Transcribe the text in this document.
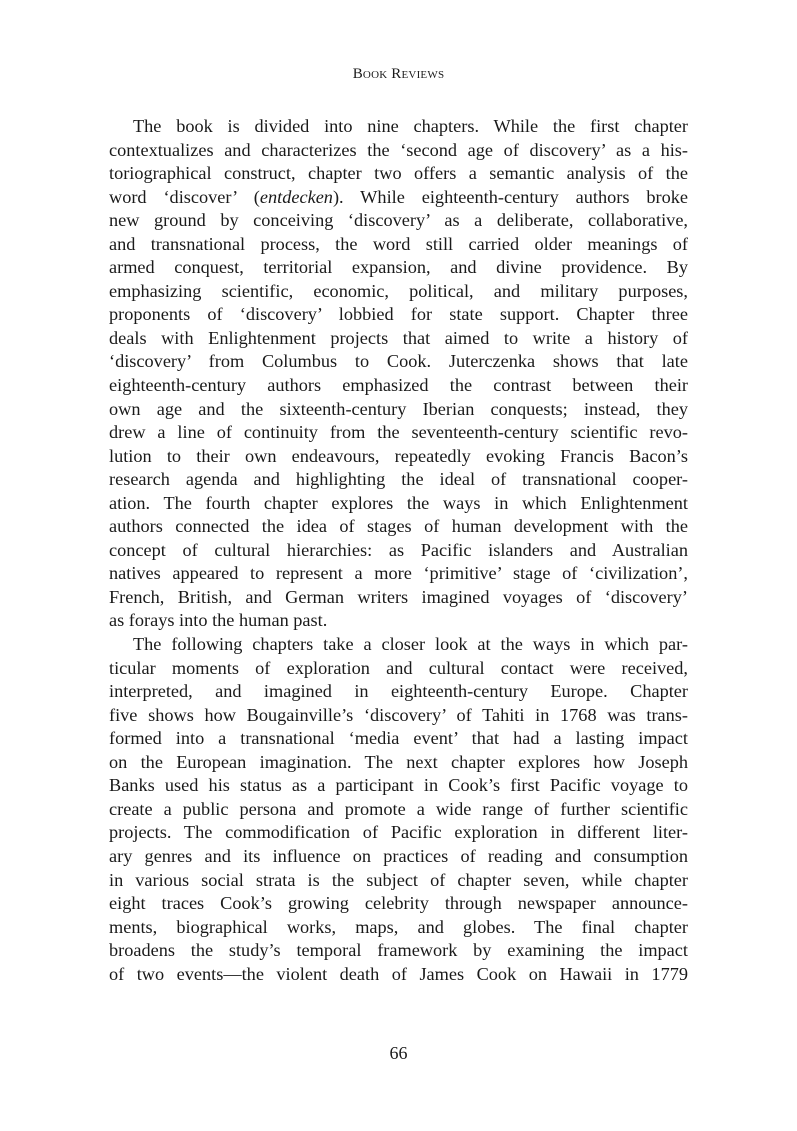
Book Reviews
The book is divided into nine chapters. While the first chapter
contextualizes and characterizes the ‘second age of discovery’ as a his-
toriographical construct, chapter two offers a semantic analysis of the
word ‘discover’ (entdecken). While eighteenth-century authors broke
new ground by conceiving ‘discovery’ as a deliberate, collaborative,
and transnational process, the word still carried older meanings of
armed conquest, territorial expansion, and divine providence. By
emphasizing scientific, economic, political, and military purposes,
proponents of ‘discovery’ lobbied for state support. Chapter three
deals with Enlightenment projects that aimed to write a history of
‘discovery’ from Columbus to Cook. Juterczenka shows that late
eighteenth-century authors emphasized the contrast between their
own age and the sixteenth-century Iberian conquests; instead, they
drew a line of continuity from the seventeenth-century scientific revo-
lution to their own endeavours, repeatedly evoking Francis Bacon’s
research agenda and highlighting the ideal of transnational cooper-
ation. The fourth chapter explores the ways in which Enlightenment
authors connected the idea of stages of human development with the
concept of cultural hierarchies: as Pacific islanders and Australian
natives appeared to represent a more ‘primitive’ stage of ‘civilization’,
French, British, and German writers imagined voyages of ‘discovery’
as forays into the human past.
The following chapters take a closer look at the ways in which par-
ticular moments of exploration and cultural contact were received,
interpreted, and imagined in eighteenth-century Europe. Chapter
five shows how Bougainville’s ‘discovery’ of Tahiti in 1768 was trans-
formed into a transnational ‘media event’ that had a lasting impact
on the European imagination. The next chapter explores how Joseph
Banks used his status as a participant in Cook’s first Pacific voyage to
create a public persona and promote a wide range of further scientific
projects. The commodification of Pacific exploration in different liter-
ary genres and its influence on practices of reading and consumption
in various social strata is the subject of chapter seven, while chapter
eight traces Cook’s growing celebrity through newspaper announce-
ments, biographical works, maps, and globes. The final chapter
broadens the study’s temporal framework by examining the impact
of two events—the violent death of James Cook on Hawaii in 1779
66
